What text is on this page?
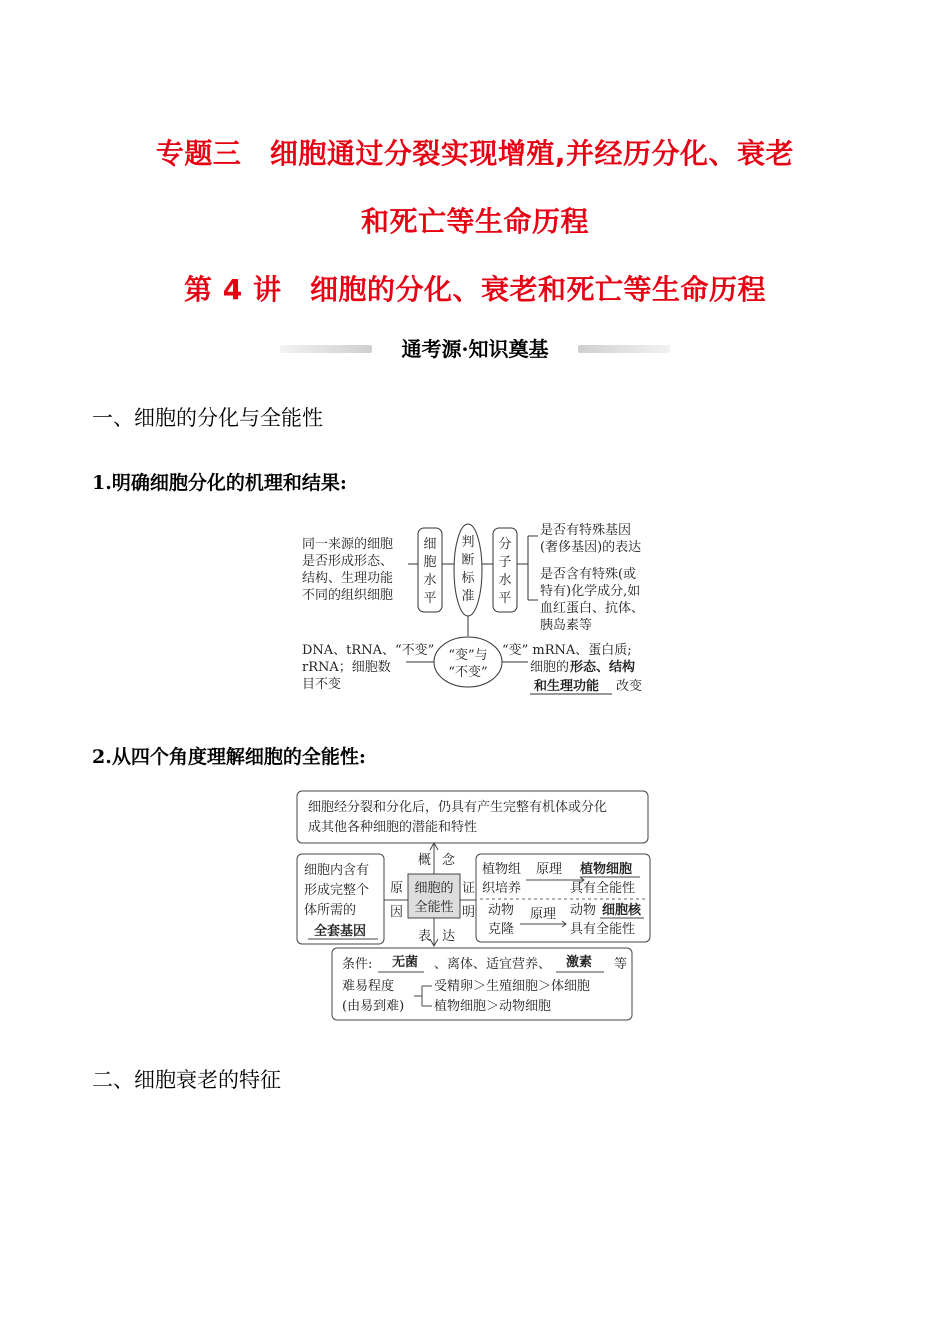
专题三　细胞通过分裂实现增殖,并经历分化、衰老
和死亡等生命历程
第 4 讲　细胞的分化、衰老和死亡等生命历程
通考源·知识奠基
一、细胞的分化与全能性
1.明确细胞分化的机理和结果:
同一来源的细胞
是否形成形态、
结构、生理功能
不同的组织细胞
细
胞
水
平
判
断
标
准
分
子
水
平
是否有特殊基因
(奢侈基因)的表达
是否含有特殊(或
特有)化学成分,如
血红蛋白、抗体、
胰岛素等
“变”与
“不变”
DNA、tRNA、“不变”
rRNA；细胞数
目不变
“变” mRNA、蛋白质;
细胞的 形态、结构
和生理功能 改变
2.从四个角度理解细胞的全能性:
细胞经分裂和分化后，仍具有产生完整有机体或分化
成其他各种细胞的潜能和特性
概 念
细胞内含有
形成完整个
体所需的
全套基因
原
因
细胞的
全能性
证
明
植物组
织培养
原理 植物细胞
具有全能性
动物
克隆
原理 动物 细胞核
具有全能性
表 达
条件: 无菌 、离体、适宜营养、 激素 等
难易程度
(由易到难)
受精卵＞生殖细胞＞体细胞
植物细胞＞动物细胞
二、细胞衰老的特征
